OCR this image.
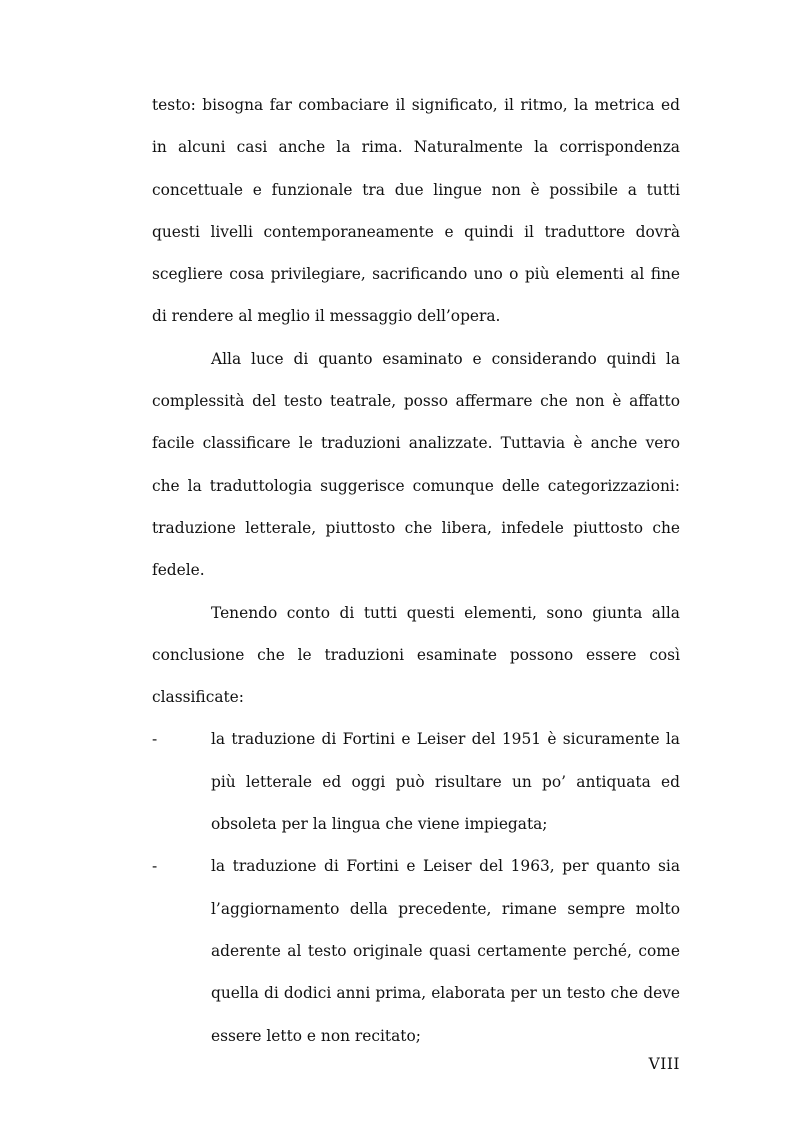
testo: bisogna far combaciare il significato, il ritmo, la metrica ed in alcuni casi anche la rima. Naturalmente la corrispondenza concettuale e funzionale tra due lingue non è possibile a tutti questi livelli contemporaneamente e quindi il traduttore dovrà scegliere cosa privilegiare, sacrificando uno o più elementi al fine di rendere al meglio il messaggio dell’opera.

Alla luce di quanto esaminato e considerando quindi la complessità del testo teatrale, posso affermare che non è affatto facile classificare le traduzioni analizzate. Tuttavia è anche vero che la traduttologia suggerisce comunque delle categorizzazioni: traduzione letterale, piuttosto che libera, infedele piuttosto che fedele.

Tenendo conto di tutti questi elementi, sono giunta alla conclusione che le traduzioni esaminate possono essere così classificate:

-	la traduzione di Fortini e Leiser del 1951 è sicuramente la più letterale ed oggi può risultare un po’ antiquata ed obsoleta per la lingua che viene impiegata;
-	la traduzione di Fortini e Leiser del 1963, per quanto sia l’aggiornamento della precedente, rimane sempre molto aderente al testo originale quasi certamente perché, come quella di dodici anni prima, elaborata per un testo che deve essere letto e non recitato;
VIII
